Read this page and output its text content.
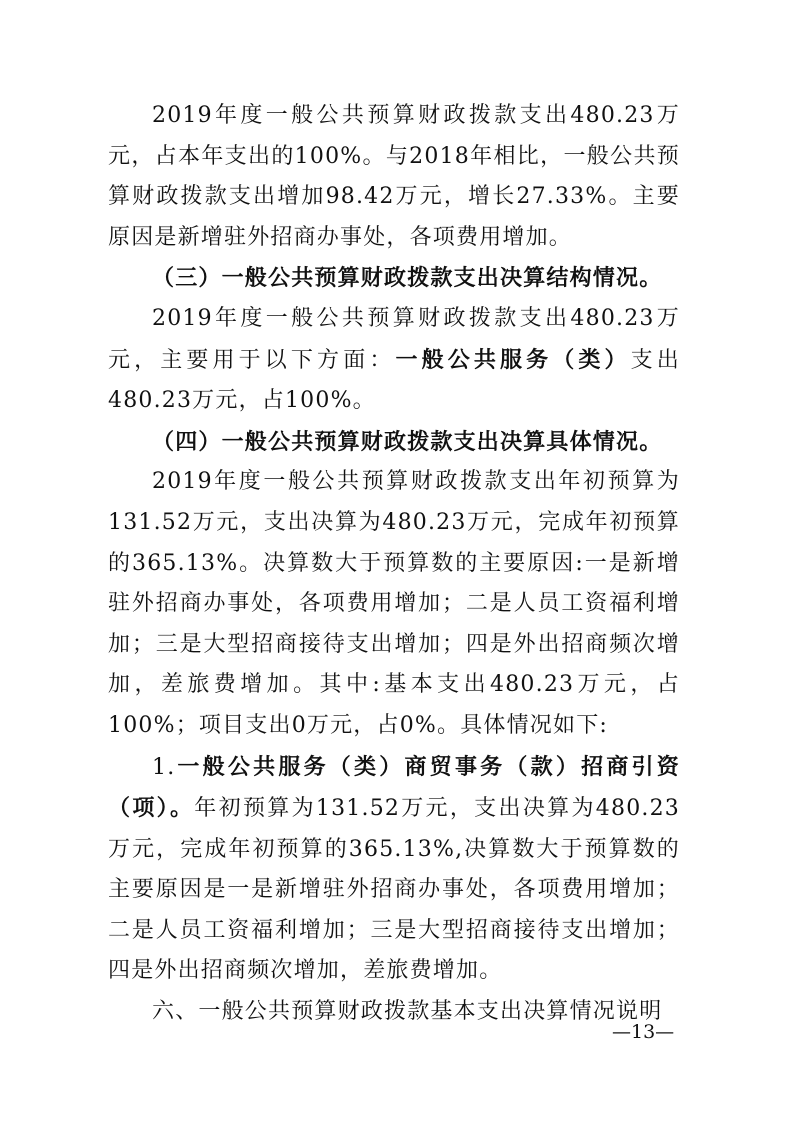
2019年度一般公共预算财政拨款支出480.23万元，占本年支出的100%。与2018年相比，一般公共预算财政拨款支出增加98.42万元，增长27.33%。主要原因是新增驻外招商办事处，各项费用增加。

（三）一般公共预算财政拨款支出决算结构情况。

2019年度一般公共预算财政拨款支出480.23万元，主要用于以下方面：一般公共服务（类）支出480.23万元，占100%。

（四）一般公共预算财政拨款支出决算具体情况。

2019年度一般公共预算财政拨款支出年初预算为131.52万元，支出决算为480.23万元，完成年初预算的365.13%。决算数大于预算数的主要原因:一是新增驻外招商办事处，各项费用增加；二是人员工资福利增加；三是大型招商接待支出增加；四是外出招商频次增加，差旅费增加。其中:基本支出480.23万元，占100%；项目支出0万元，占0%。具体情况如下:

1.一般公共服务（类）商贸事务（款）招商引资（项）。年初预算为131.52万元，支出决算为480.23万元，完成年初预算的365.13%,决算数大于预算数的主要原因是一是新增驻外招商办事处，各项费用增加；二是人员工资福利增加；三是大型招商接待支出增加；四是外出招商频次增加，差旅费增加。

六、一般公共预算财政拨款基本支出决算情况说明

—13—
